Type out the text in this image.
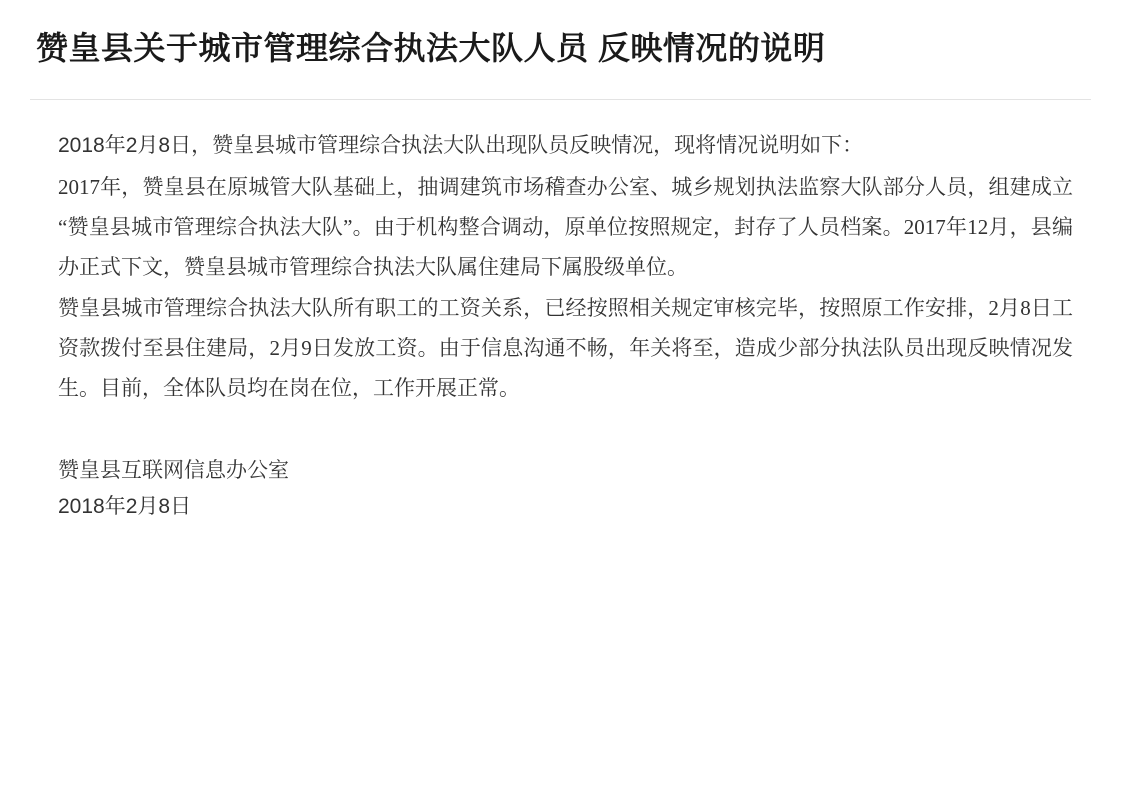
赞皇县关于城市管理综合执法大队人员 反映情况的说明

2018年2月8日，赞皇县城市管理综合执法大队出现队员反映情况，现将情况说明如下：

2017年，赞皇县在原城管大队基础上，抽调建筑市场稽查办公室、城乡规划执法监察大队部分人员，组建成立“赞皇县城市管理综合执法大队”。由于机构整合调动，原单位按照规定，封存了人员档案。2017年12月，县编办正式下文，赞皇县城市管理综合执法大队属住建局下属股级单位。

赞皇县城市管理综合执法大队所有职工的工资关系，已经按照相关规定审核完毕，按照原工作安排，2月8日工资款拨付至县住建局，2月9日发放工资。由于信息沟通不畅，年关将至，造成少部分执法队员出现反映情况发生。目前，全体队员均在岗在位，工作开展正常。

赞皇县互联网信息办公室
2018年2月8日
